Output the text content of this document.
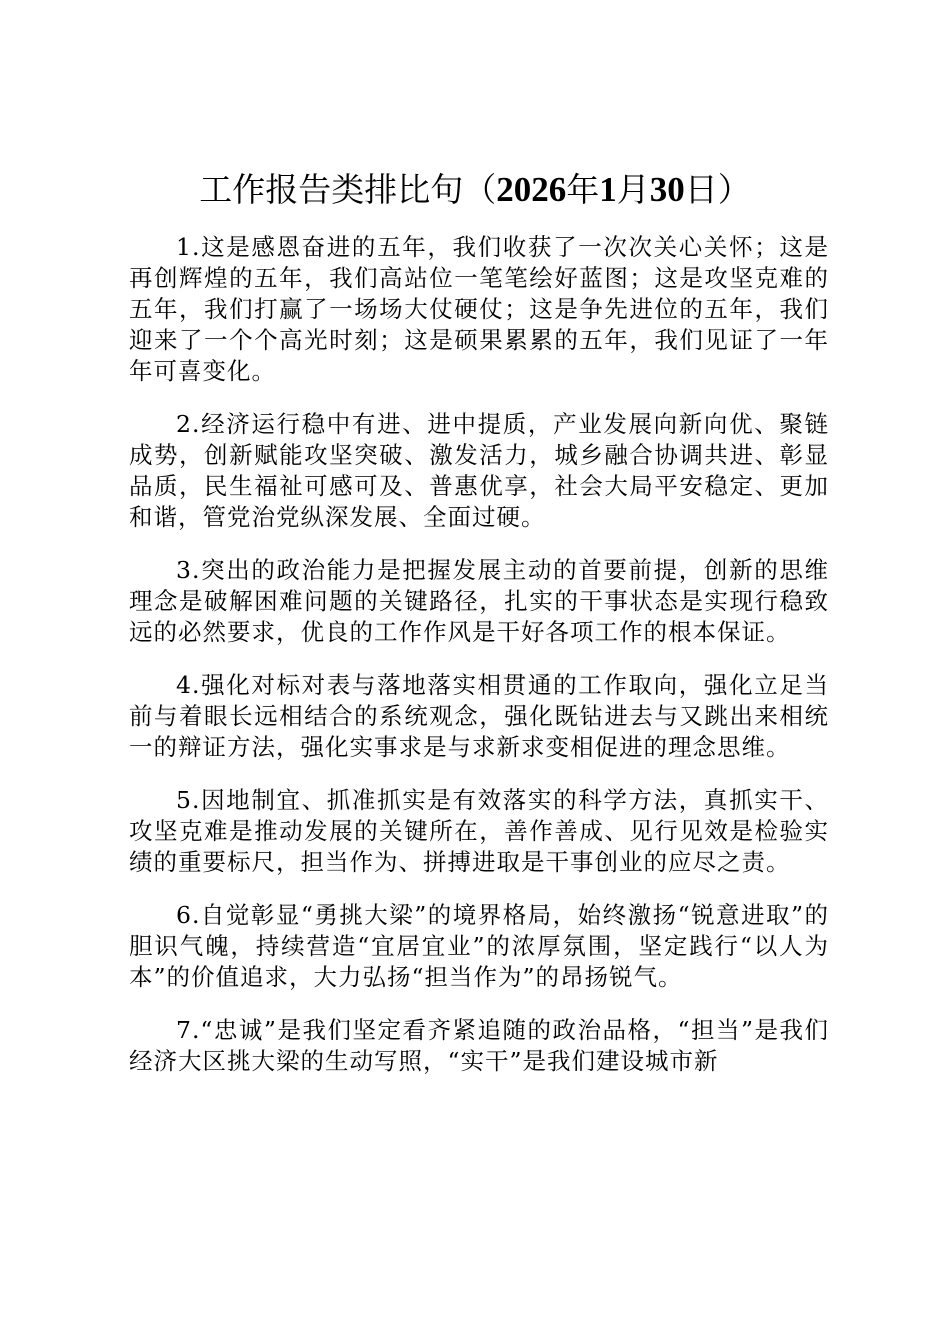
工作报告类排比句（2026年1月30日）

1.这是感恩奋进的五年，我们收获了一次次关心关怀；这是再创辉煌的五年，我们高站位一笔笔绘好蓝图；这是攻坚克难的五年，我们打赢了一场场大仗硬仗；这是争先进位的五年，我们迎来了一个个高光时刻；这是硕果累累的五年，我们见证了一年年可喜变化。

2.经济运行稳中有进、进中提质，产业发展向新向优、聚链成势，创新赋能攻坚突破、激发活力，城乡融合协调共进、彰显品质，民生福祉可感可及、普惠优享，社会大局平安稳定、更加和谐，管党治党纵深发展、全面过硬。

3.突出的政治能力是把握发展主动的首要前提，创新的思维理念是破解困难问题的关键路径，扎实的干事状态是实现行稳致远的必然要求，优良的工作作风是干好各项工作的根本保证。

4.强化对标对表与落地落实相贯通的工作取向，强化立足当前与着眼长远相结合的系统观念，强化既钻进去与又跳出来相统一的辩证方法，强化实事求是与求新求变相促进的理念思维。

5.因地制宜、抓准抓实是有效落实的科学方法，真抓实干、攻坚克难是推动发展的关键所在，善作善成、见行见效是检验实绩的重要标尺，担当作为、拼搏进取是干事创业的应尽之责。

6.自觉彰显“勇挑大梁”的境界格局，始终激扬“锐意进取”的胆识气魄，持续营造“宜居宜业”的浓厚氛围，坚定践行“以人为本”的价值追求，大力弘扬“担当作为”的昂扬锐气。

7.“忠诚”是我们坚定看齐紧追随的政治品格，“担当”是我们经济大区挑大梁的生动写照，“实干”是我们建设城市新
